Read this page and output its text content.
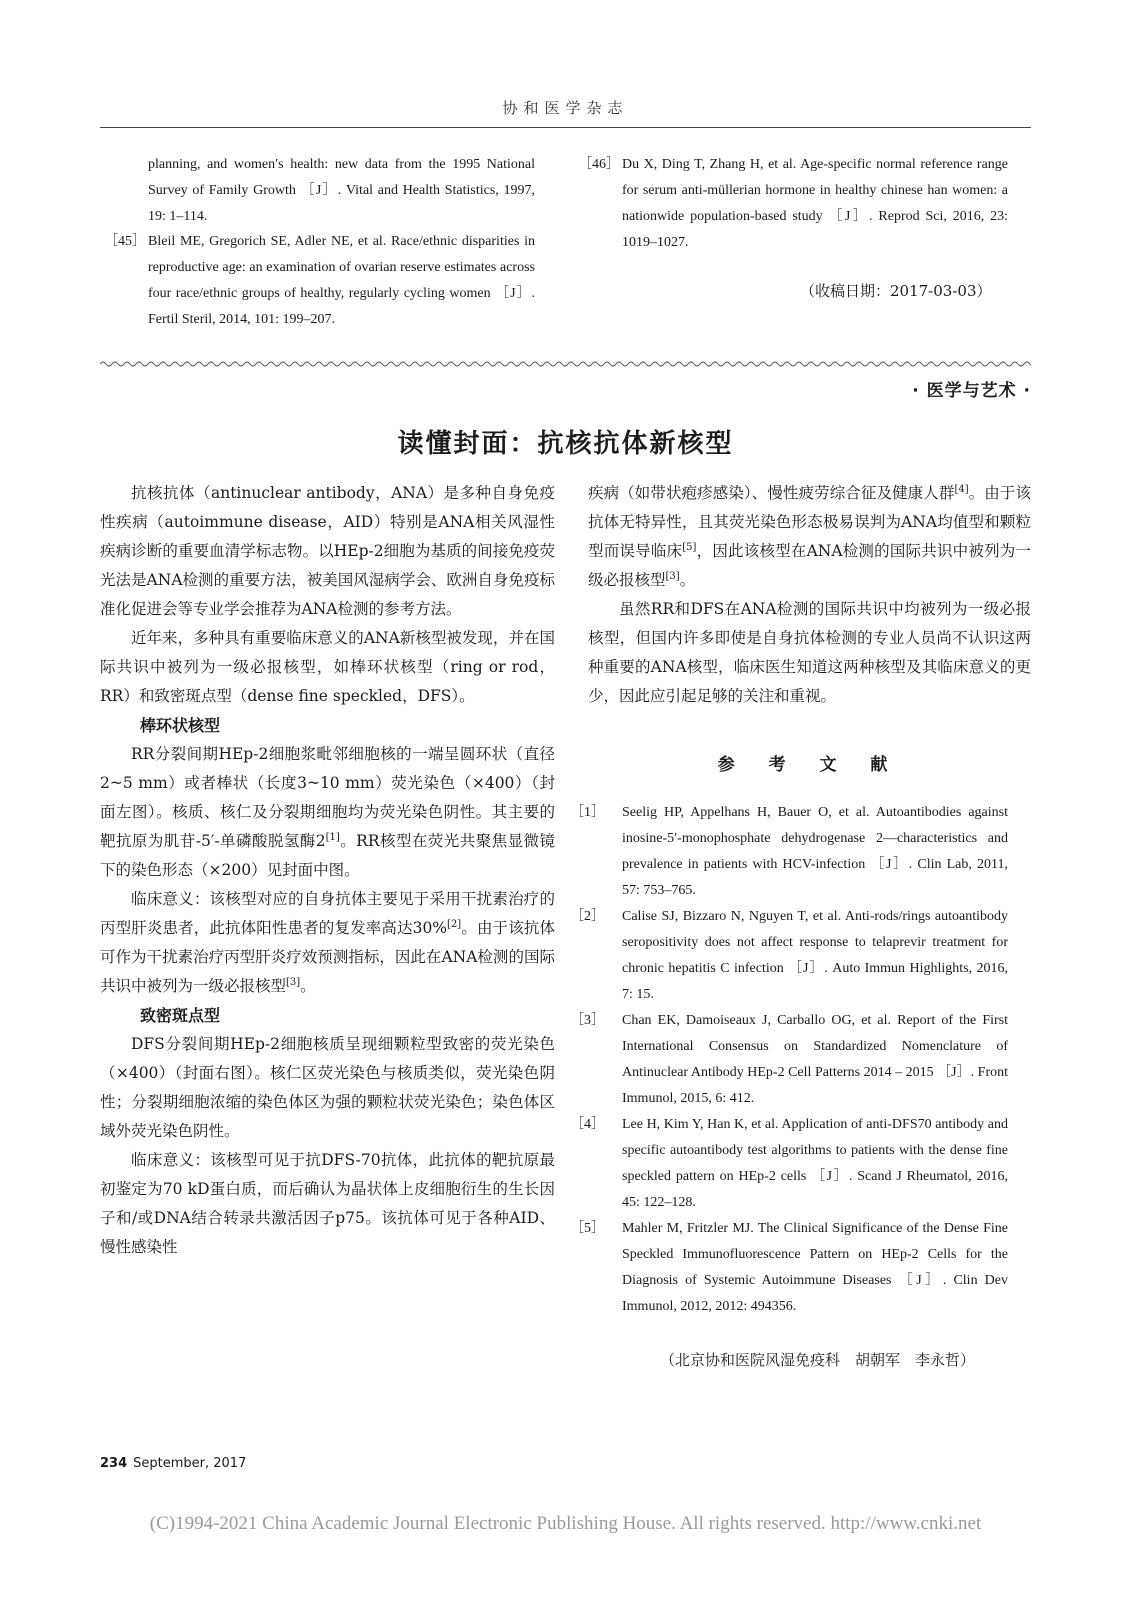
协和医学杂志
planning, and women′s health: new data from the 1995 National Survey of Family Growth ［J］. Vital and Health Statistics, 1997, 19: 1–114.
［45］ Bleil ME, Gregorich SE, Adler NE, et al. Race/ethnic disparities in reproductive age: an examination of ovarian reserve estimates across four race/ethnic groups of healthy, regularly cycling women ［J］. Fertil Steril, 2014, 101: 199–207.
［46］ Du X, Ding T, Zhang H, et al. Age-specific normal reference range for serum anti-müllerian hormone in healthy chinese han women: a nationwide population-based study ［J］. Reprod Sci, 2016, 23: 1019–1027.
（收稿日期：2017-03-03）
· 医学与艺术 ·
读懂封面：抗核抗体新核型

抗核抗体（antinuclear antibody，ANA）是多种自身免疫性疾病（autoimmune disease，AID）特别是ANA相关风湿性疾病诊断的重要血清学标志物。以HEp-2细胞为基质的间接免疫荧光法是ANA检测的重要方法，被美国风湿病学会、欧洲自身免疫标准化促进会等专业学会推荐为ANA检测的参考方法。

近年来，多种具有重要临床意义的ANA新核型被发现，并在国际共识中被列为一级必报核型，如棒环状核型（ring or rod，RR）和致密斑点型（dense fine speckled，DFS）。

棒环状核型

RR分裂间期HEp-2细胞浆毗邻细胞核的一端呈圆环状（直径2~5 mm）或者棒状（长度3~10 mm）荧光染色（×400）（封面左图）。核质、核仁及分裂期细胞均为荧光染色阴性。其主要的靶抗原为肌苷-5′-单磷酸脱氢酶2[1]。RR核型在荧光共聚焦显微镜下的染色形态（×200）见封面中图。

临床意义：该核型对应的自身抗体主要见于采用干扰素治疗的丙型肝炎患者，此抗体阳性患者的复发率高达30%[2]。由于该抗体可作为干扰素治疗丙型肝炎疗效预测指标，因此在ANA检测的国际共识中被列为一级必报核型[3]。

致密斑点型

DFS分裂间期HEp-2细胞核质呈现细颗粒型致密的荧光染色（×400）（封面右图）。核仁区荧光染色与核质类似，荧光染色阴性；分裂期细胞浓缩的染色体区为强的颗粒状荧光染色；染色体区域外荧光染色阴性。

临床意义：该核型可见于抗DFS-70抗体，此抗体的靶抗原最初鉴定为70 kD蛋白质，而后确认为晶状体上皮细胞衍生的生长因子和/或DNA结合转录共激活因子p75。该抗体可见于各种AID、慢性感染性

疾病（如带状疱疹感染）、慢性疲劳综合征及健康人群[4]。由于该抗体无特异性，且其荧光染色形态极易误判为ANA均值型和颗粒型而误导临床[5]，因此该核型在ANA检测的国际共识中被列为一级必报核型[3]。

虽然RR和DFS在ANA检测的国际共识中均被列为一级必报核型，但国内许多即使是自身抗体检测的专业人员尚不认识这两种重要的ANA核型，临床医生知道这两种核型及其临床意义的更少，因此应引起足够的关注和重视。

参 考 文 献

［1］ Seelig HP, Appelhans H, Bauer O, et al. Autoantibodies against inosine-5′-monophosphate dehydrogenase 2—characteristics and prevalence in patients with HCV-infection ［J］. Clin Lab, 2011, 57: 753–765.

［2］ Calise SJ, Bizzaro N, Nguyen T, et al. Anti-rods/rings autoantibody seropositivity does not affect response to telaprevir treatment for chronic hepatitis C infection ［J］. Auto Immun Highlights, 2016, 7: 15.

［3］ Chan EK, Damoiseaux J, Carballo OG, et al. Report of the First International Consensus on Standardized Nomenclature of Antinuclear Antibody HEp-2 Cell Patterns 2014 – 2015 ［J］. Front Immunol, 2015, 6: 412.

［4］ Lee H, Kim Y, Han K, et al. Application of anti-DFS70 antibody and specific autoantibody test algorithms to patients with the dense fine speckled pattern on HEp-2 cells ［J］. Scand J Rheumatol, 2016, 45: 122–128.

［5］ Mahler M, Fritzler MJ. The Clinical Significance of the Dense Fine Speckled Immunofluorescence Pattern on HEp-2 Cells for the Diagnosis of Systemic Autoimmune Diseases ［J］. Clin Dev Immunol, 2012, 2012: 494356.

（北京协和医院风湿免疫科　胡朝军　李永哲）
234 September, 2017
(C)1994-2021 China Academic Journal Electronic Publishing House. All rights reserved. http://www.cnki.net
